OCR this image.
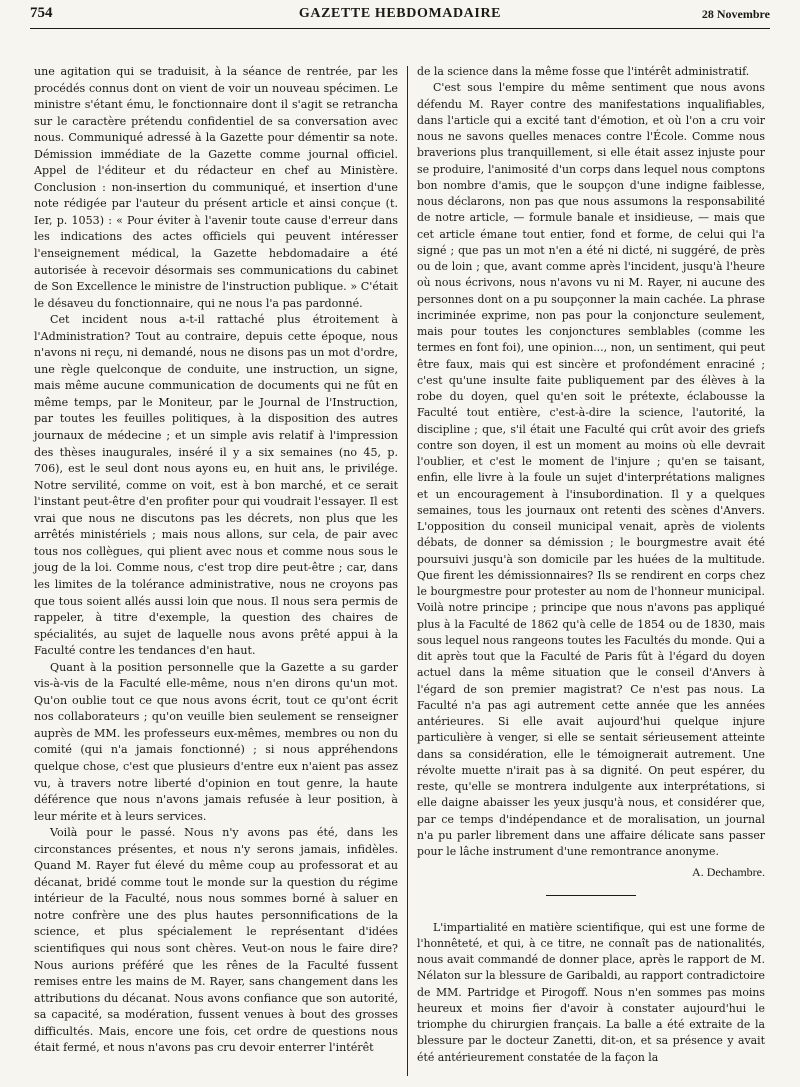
754	GAZETTE HEBDOMADAIRE	28 Novembre

une agitation qui se traduisit, à la séance de rentrée, par les procédés connus dont on vient de voir un nouveau spécimen. Le ministre s'étant ému, le fonctionnaire dont il s'agit se retrancha sur le caractère prétendu confidentiel de sa conversation avec nous. Communiqué adressé à la Gazette pour démentir sa note. Démission immédiate de la Gazette comme journal officiel. Appel de l'éditeur et du rédacteur en chef au Ministère. Conclusion : non-insertion du communiqué, et insertion d'une note rédigée par l'auteur du présent article et ainsi conçue (t. Ier, p. 1053) : « Pour éviter à l'avenir toute cause d'erreur dans les indications des actes officiels qui peuvent intéresser l'enseignement médical, la Gazette hebdomadaire a été autorisée à recevoir désormais ses communications du cabinet de Son Excellence le ministre de l'instruction publique. » C'était le désaveu du fonctionnaire, qui ne nous l'a pas pardonné.

Cet incident nous a-t-il rattaché plus étroitement à l'Administration? Tout au contraire, depuis cette époque, nous n'avons ni reçu, ni demandé, nous ne disons pas un mot d'ordre, une règle quelconque de conduite, une instruction, un signe, mais même aucune communication de documents qui ne fût en même temps, par le Moniteur, par le Journal de l'Instruction, par toutes les feuilles politiques, à la disposition des autres journaux de médecine ; et un simple avis relatif à l'impression des thèses inaugurales, inséré il y a six semaines (no 45, p. 706), est le seul dont nous ayons eu, en huit ans, le privilége. Notre servilité, comme on voit, est à bon marché, et ce serait l'instant peut-être d'en profiter pour qui voudrait l'essayer. Il est vrai que nous ne discutons pas les décrets, non plus que les arrêtés ministériels ; mais nous allons, sur cela, de pair avec tous nos collègues, qui plient avec nous et comme nous sous le joug de la loi. Comme nous, c'est trop dire peut-être ; car, dans les limites de la tolérance administrative, nous ne croyons pas que tous soient allés aussi loin que nous. Il nous sera permis de rappeler, à titre d'exemple, la question des chaires de spécialités, au sujet de laquelle nous avons prêté appui à la Faculté contre les tendances d'en haut.

Quant à la position personnelle que la Gazette a su garder vis-à-vis de la Faculté elle-même, nous n'en dirons qu'un mot. Qu'on oublie tout ce que nous avons écrit, tout ce qu'ont écrit nos collaborateurs ; qu'on veuille bien seulement se renseigner auprès de MM. les professeurs eux-mêmes, membres ou non du comité (qui n'a jamais fonctionné) ; si nous appréhendons quelque chose, c'est que plusieurs d'entre eux n'aient pas assez vu, à travers notre liberté d'opinion en tout genre, la haute déférence que nous n'avons jamais refusée à leur position, à leur mérite et à leurs services.

Voilà pour le passé. Nous n'y avons pas été, dans les circonstances présentes, et nous n'y serons jamais, infidèles. Quand M. Rayer fut élevé du même coup au professorat et au décanat, bridé comme tout le monde sur la question du régime intérieur de la Faculté, nous nous sommes borné à saluer en notre confrère une des plus hautes personnifications de la science, et plus spécialement le représentant d'idées scientifiques qui nous sont chères. Veut-on nous le faire dire? Nous aurions préféré que les rênes de la Faculté fussent remises entre les mains de M. Rayer, sans changement dans les attributions du décanat. Nous avons confiance que son autorité, sa capacité, sa modération, fussent venues à bout des grosses difficultés. Mais, encore une fois, cet ordre de questions nous était fermé, et nous n'avons pas cru devoir enterrer l'intérêt

de la science dans la même fosse que l'intérêt administratif.

C'est sous l'empire du même sentiment que nous avons défendu M. Rayer contre des manifestations inqualifiables, dans l'article qui a excité tant d'émotion, et où l'on a cru voir nous ne savons quelles menaces contre l'École. Comme nous braverions plus tranquillement, si elle était assez injuste pour se produire, l'animosité d'un corps dans lequel nous comptons bon nombre d'amis, que le soupçon d'une indigne faiblesse, nous déclarons, non pas que nous assumons la responsabilité de notre article, — formule banale et insidieuse, — mais que cet article émane tout entier, fond et forme, de celui qui l'a signé ; que pas un mot n'en a été ni dicté, ni suggéré, de près ou de loin ; que, avant comme après l'incident, jusqu'à l'heure où nous écrivons, nous n'avons vu ni M. Rayer, ni aucune des personnes dont on a pu soupçonner la main cachée. La phrase incriminée exprime, non pas pour la conjoncture seulement, mais pour toutes les conjonctures semblables (comme les termes en font foi), une opinion..., non, un sentiment, qui peut être faux, mais qui est sincère et profondément enraciné ; c'est qu'une insulte faite publiquement par des élèves à la robe du doyen, quel qu'en soit le prétexte, éclabousse la Faculté tout entière, c'est-à-dire la science, l'autorité, la discipline ; que, s'il était une Faculté qui crût avoir des griefs contre son doyen, il est un moment au moins où elle devrait l'oublier, et c'est le moment de l'injure ; qu'en se taisant, enfin, elle livre à la foule un sujet d'interprétations malignes et un encouragement à l'insubordination. Il y a quelques semaines, tous les journaux ont retenti des scènes d'Anvers. L'opposition du conseil municipal venait, après de violents débats, de donner sa démission ; le bourgmestre avait été poursuivi jusqu'à son domicile par les huées de la multitude. Que firent les démissionnaires? Ils se rendirent en corps chez le bourgmestre pour protester au nom de l'honneur municipal. Voilà notre principe ; principe que nous n'avons pas appliqué plus à la Faculté de 1862 qu'à celle de 1854 ou de 1830, mais sous lequel nous rangeons toutes les Facultés du monde. Qui a dit après tout que la Faculté de Paris fût à l'égard du doyen actuel dans la même situation que le conseil d'Anvers à l'égard de son premier magistrat? Ce n'est pas nous. La Faculté n'a pas agi autrement cette année que les années antérieures. Si elle avait aujourd'hui quelque injure particulière à venger, si elle se sentait sérieusement atteinte dans sa considération, elle le témoignerait autrement. Une révolte muette n'irait pas à sa dignité. On peut espérer, du reste, qu'elle se montrera indulgente aux interprétations, si elle daigne abaisser les yeux jusqu'à nous, et considérer que, par ce temps d'indépendance et de moralisation, un journal n'a pu parler librement dans une affaire délicate sans passer pour le lâche instrument d'une remontrance anonyme.

A. Dechambre.

L'impartialité en matière scientifique, qui est une forme de l'honnêteté, et qui, à ce titre, ne connaît pas de nationalités, nous avait commandé de donner place, après le rapport de M. Nélaton sur la blessure de Garibaldi, au rapport contradictoire de MM. Partridge et Pirogoff. Nous n'en sommes pas moins heureux et moins fier d'avoir à constater aujourd'hui le triomphe du chirurgien français. La balle a été extraite de la blessure par le docteur Zanetti, dit-on, et sa présence y avait été antérieurement constatée de la façon la
